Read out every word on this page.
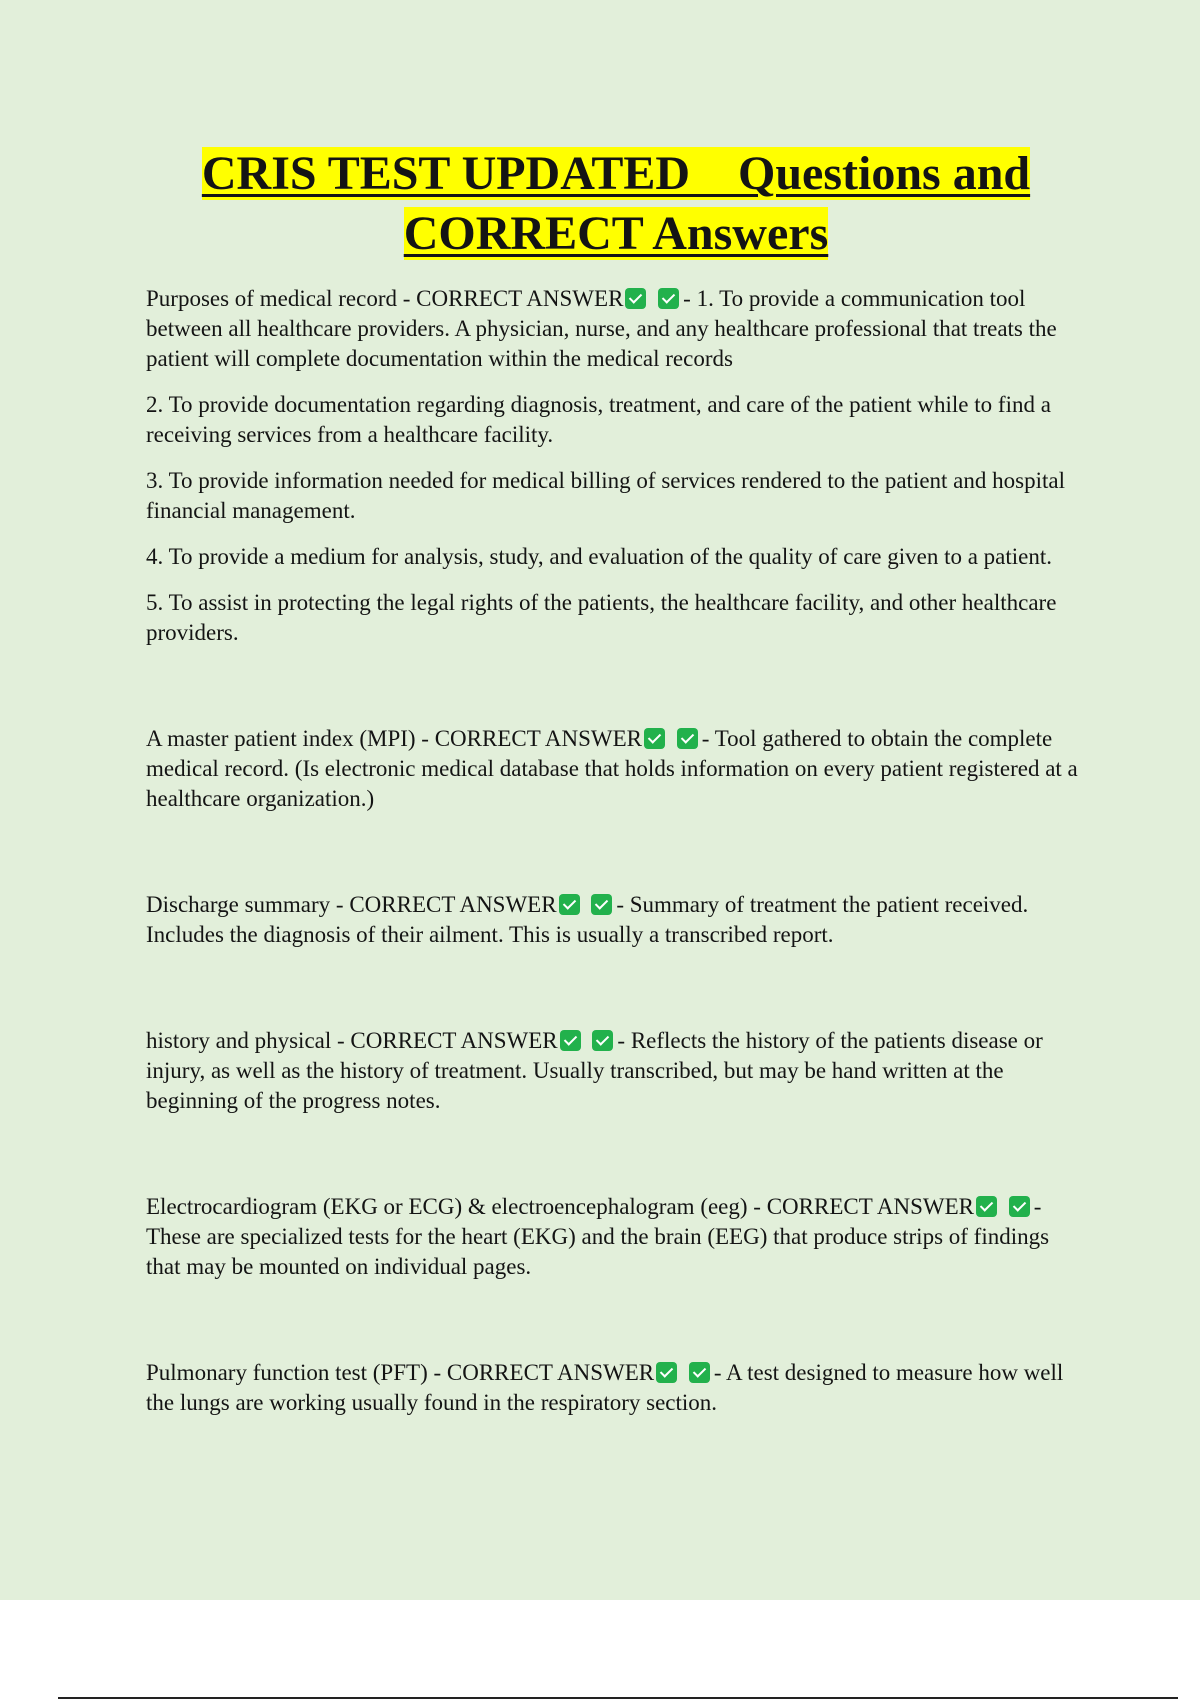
CRIS TEST UPDATED    Questions and
CORRECT Answers

Purposes of medical record - CORRECT ANSWER	- 1. To provide a communication tool between all healthcare providers. A physician, nurse, and any healthcare professional that treats the patient will complete documentation within the medical records

2. To provide documentation regarding diagnosis, treatment, and care of the patient while to find a receiving services from a healthcare facility.

3. To provide information needed for medical billing of services rendered to the patient and hospital financial management.

4. To provide a medium for analysis, study, and evaluation of the quality of care given to a patient.

5. To assist in protecting the legal rights of the patients, the healthcare facility, and other healthcare providers.

A master patient index (MPI) - CORRECT ANSWER	- Tool gathered to obtain the complete medical record. (Is electronic medical database that holds information on every patient registered at a healthcare organization.)

Discharge summary - CORRECT ANSWER	- Summary of treatment the patient received. Includes the diagnosis of their ailment. This is usually a transcribed report.

history and physical - CORRECT ANSWER	- Reflects the history of the patients disease or injury, as well as the history of treatment. Usually transcribed, but may be hand written at the beginning of the progress notes.

Electrocardiogram (EKG or ECG) & electroencephalogram (eeg) - CORRECT ANSWER	- These are specialized tests for the heart (EKG) and the brain (EEG) that produce strips of findings that may be mounted on individual pages.

Pulmonary function test (PFT) - CORRECT ANSWER	- A test designed to measure how well the lungs are working usually found in the respiratory section.
